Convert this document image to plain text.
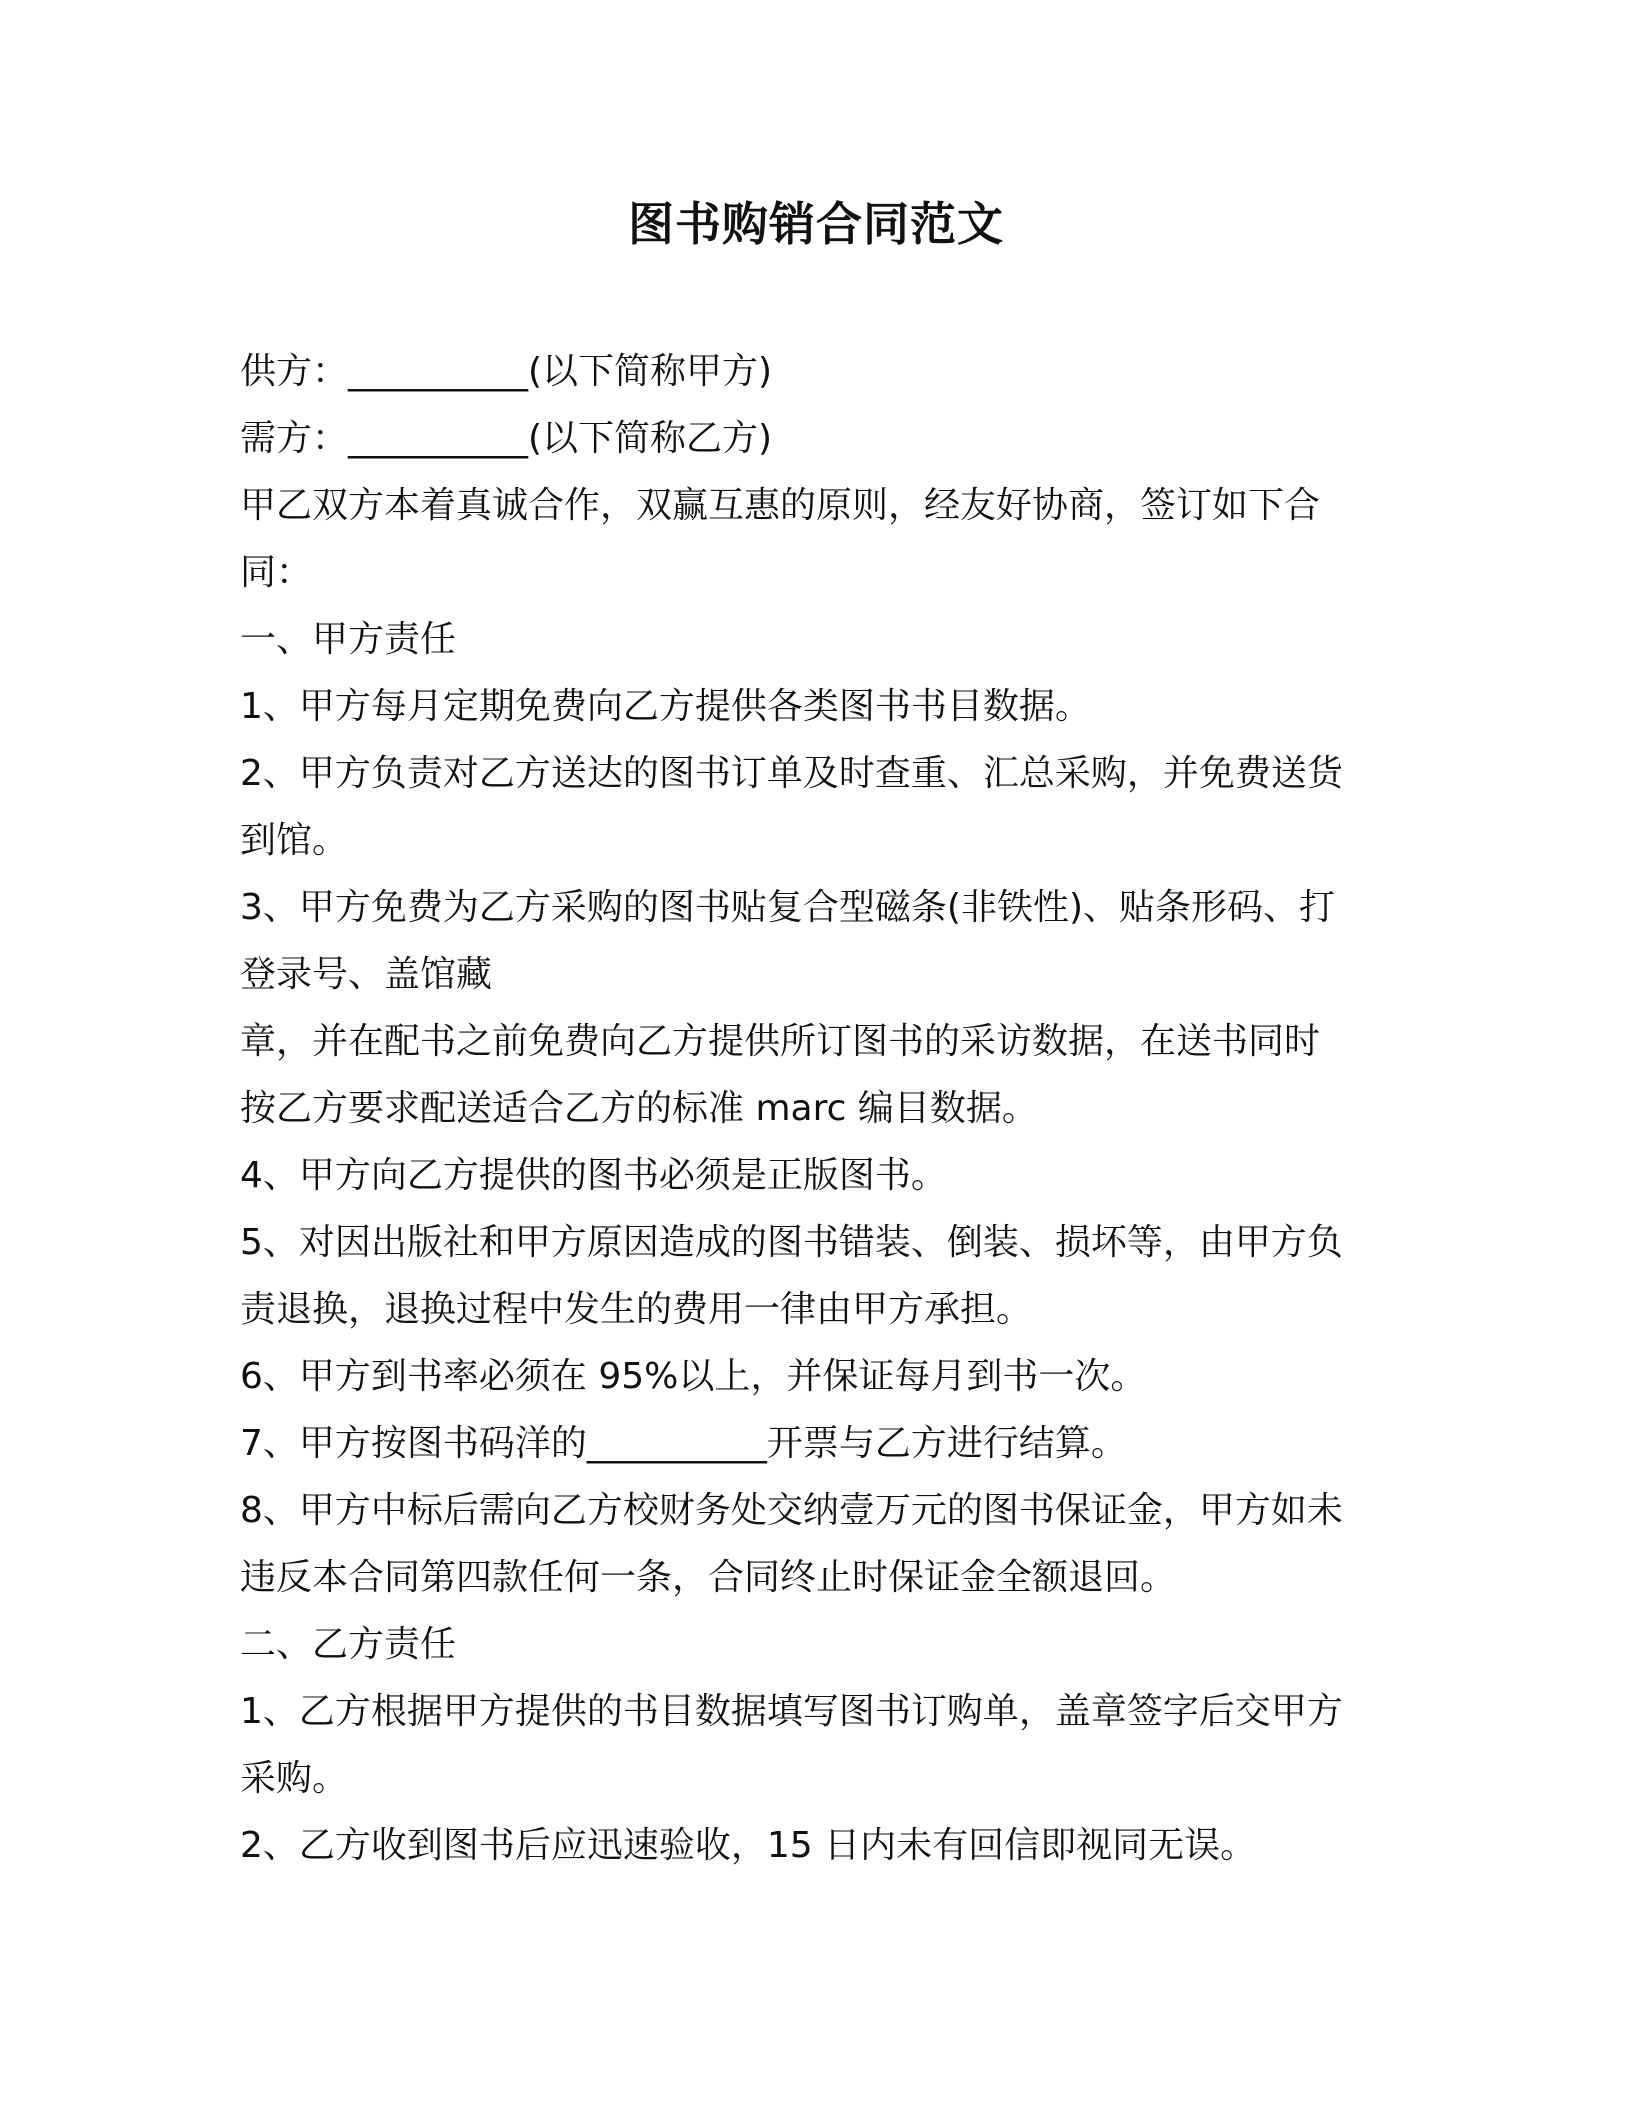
图书购销合同范文
供方：__________(以下简称甲方)
需方：__________(以下简称乙方)
甲乙双方本着真诚合作，双赢互惠的原则，经友好协商，签订如下合
同：
一、甲方责任
1、甲方每月定期免费向乙方提供各类图书书目数据。
2、甲方负责对乙方送达的图书订单及时查重、汇总采购，并免费送货
到馆。
3、甲方免费为乙方采购的图书贴复合型磁条(非铁性)、贴条形码、打
登录号、盖馆藏
章，并在配书之前免费向乙方提供所订图书的采访数据，在送书同时
按乙方要求配送适合乙方的标准 marc 编目数据。
4、甲方向乙方提供的图书必须是正版图书。
5、对因出版社和甲方原因造成的图书错装、倒装、损坏等，由甲方负
责退换，退换过程中发生的费用一律由甲方承担。
6、甲方到书率必须在 95%以上，并保证每月到书一次。
7、甲方按图书码洋的__________开票与乙方进行结算。
8、甲方中标后需向乙方校财务处交纳壹万元的图书保证金，甲方如未
违反本合同第四款任何一条，合同终止时保证金全额退回。
二、乙方责任
1、乙方根据甲方提供的书目数据填写图书订购单，盖章签字后交甲方
采购。
2、乙方收到图书后应迅速验收，15 日内未有回信即视同无误。
